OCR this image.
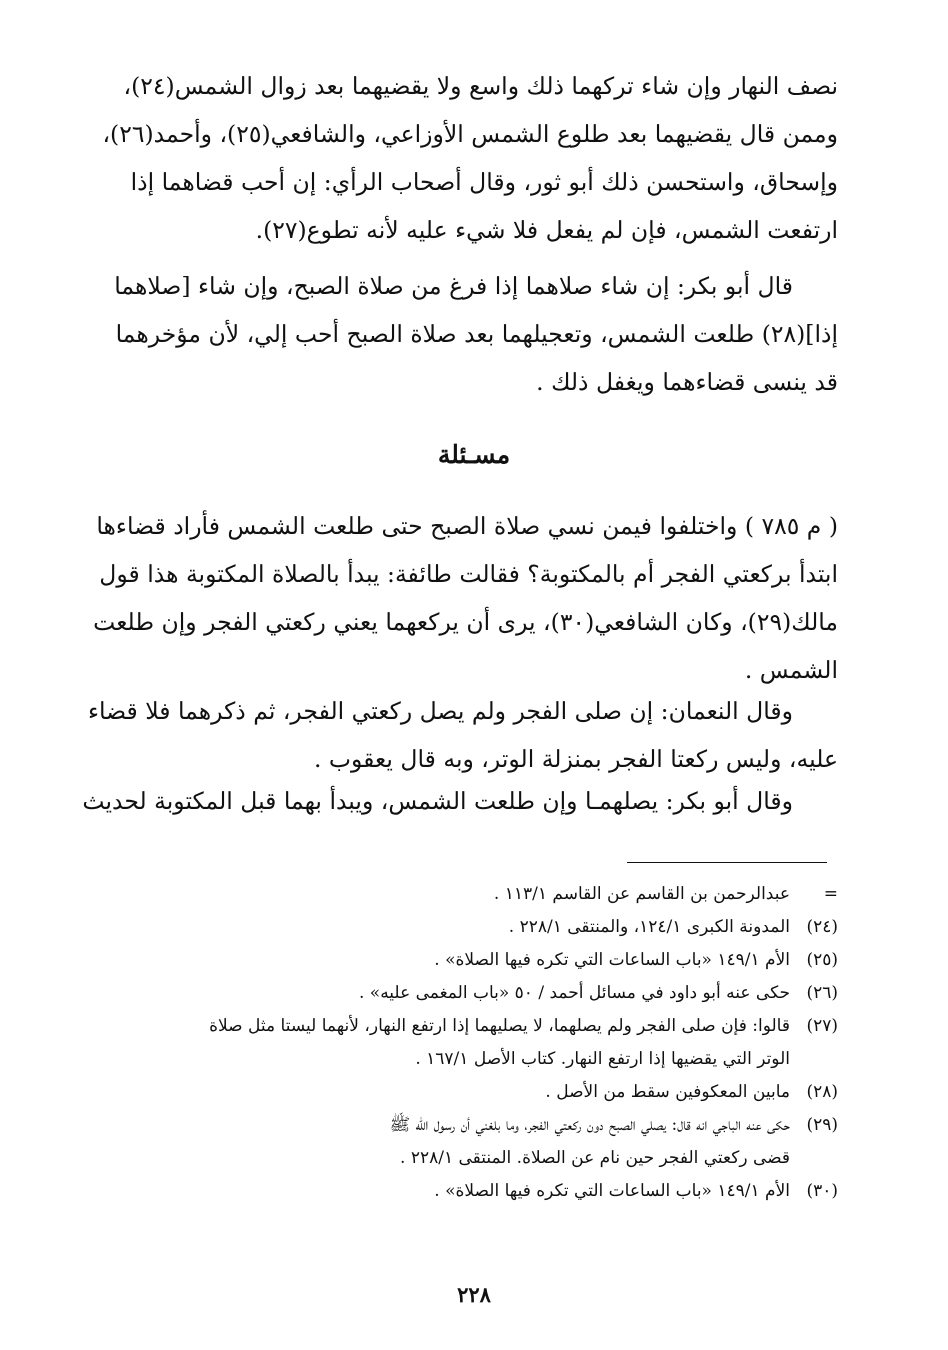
نصف النهار وإن شاء تركهما ذلك واسع ولا يقضيهما بعد زوال الشمس(٢٤)،
وممن قال يقضيهما بعد طلوع الشمس الأوزاعي، والشافعي(٢٥)، وأحمد(٢٦)،
وإسحاق، واستحسن ذلك أبو ثور، وقال أصحاب الرأي: إن أحب قضاهما إذا
ارتفعت الشمس، فإن لم يفعل فلا شيء عليه لأنه تطوع(٢٧).
قال أبو بكر: إن شاء صلاهما إذا فرغ من صلاة الصبح، وإن شاء [صلاهما
إذا](٢٨) طلعت الشمس، وتعجيلهما بعد صلاة الصبح أحب إلي، لأن مؤخرهما
قد ينسى قضاءهما ويغفل ذلك .
مسـئلة
( م ٧٨٥ ) واختلفوا فيمن نسي صلاة الصبح حتى طلعت الشمس فأراد قضاءها
ابتدأ بركعتي الفجر أم بالمكتوبة؟ فقالت طائفة: يبدأ بالصلاة المكتوبة هذا قول
مالك(٢٩)، وكان الشافعي(٣٠)، يرى أن يركعهما يعني ركعتي الفجر وإن طلعت
الشمس .
وقال النعمان: إن صلى الفجر ولم يصل ركعتي الفجر، ثم ذكرهما فلا قضاء
عليه، وليس ركعتا الفجر بمنزلة الوتر، وبه قال يعقوب .
وقال أبو بكر: يصلهمـا وإن طلعت الشمس، ويبدأ بهما قبل المكتوبة لحديث
=عبدالرحمن بن القاسم عن القاسم ١١٣/١ .
(٢٤)المدونة الكبرى ١٢٤/١، والمنتقى ٢٢٨/١ .
(٢٥)الأم ١٤٩/١ «باب الساعات التي تكره فيها الصلاة» .
(٢٦)حكى عنه أبو داود في مسائل أحمد / ٥٠ «باب المغمى عليه» .
(٢٧)قالوا: فإن صلى الفجر ولم يصلهما، لا يصليهما إذا ارتفع النهار، لأنهما ليستا مثل صلاة
الوتر التي يقضيها إذا ارتفع النهار. كتاب الأصل ١٦٧/١ .
(٢٨)مابين المعكوفين سقط من الأصل .
(٢٩)حكى عنه الباجي انه قال: يصلي الصبح دون ركعتي الفجر، وما بلغني أن رسول الله ﷺ
قضى ركعتي الفجر حين نام عن الصلاة. المنتقى ٢٢٨/١ .
(٣٠)الأم ١٤٩/١ «باب الساعات التي تكره فيها الصلاة» .
٢٢٨
